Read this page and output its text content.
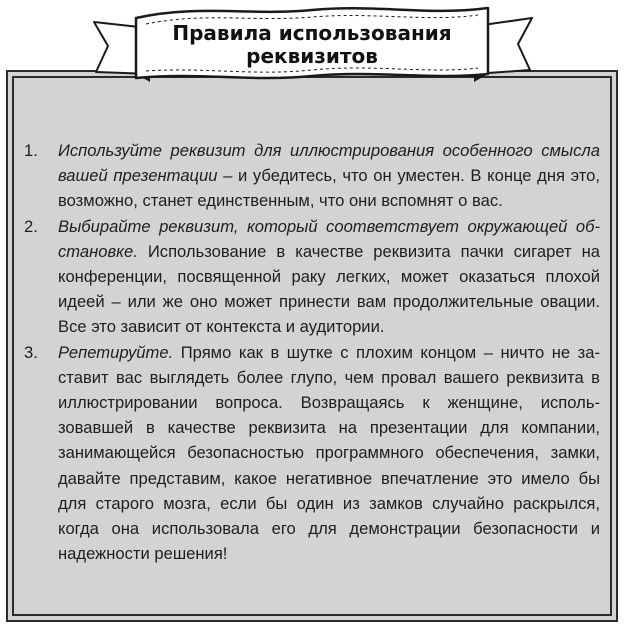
Правила использования
реквизитов
1.	Используйте реквизит для иллюстрирования особенного смысла вашей презентации – и убедитесь, что он уместен. В конце дня это, возможно, станет единственным, что они вспомнят о вас.
2.	Выбирайте реквизит, который соответствует окружающей обстановке. Использование в качестве реквизита пачки сигарет на конференции, посвященной раку легких, может оказаться плохой идеей – или же оно может принести вам продолжительные овации. Все это зависит от контекста и аудитории.
3.	Репетируйте. Прямо как в шутке с плохим концом – ничто не заставит вас выглядеть более глупо, чем провал вашего реквизита в иллюстрировании вопроса. Возвращаясь к женщине, использовавшей в качестве реквизита на презентации для компании, занимающейся безопасностью программного обеспечения, замки, давайте представим, какое негативное впечатление это имело бы для старого мозга, если бы один из замков случайно раскрылся, когда она использовала его для демонстрации безопасности и надежности решения!
